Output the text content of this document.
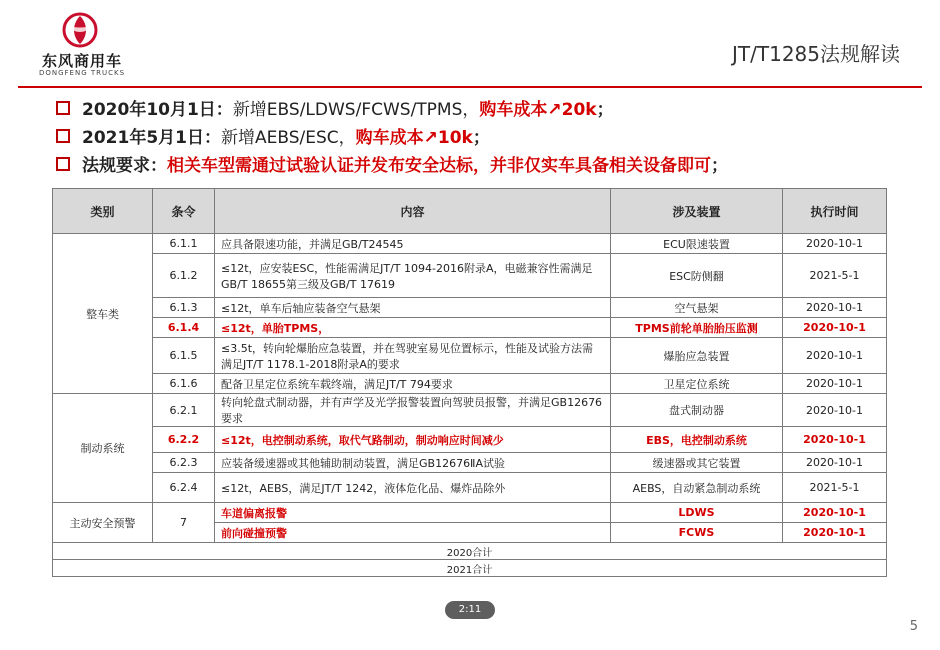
东风商用车
DONGFENG TRUCKS
JT/T1285法规解读
2020年10月1日：新增EBS/LDWS/FCWS/TPMS，购车成本↗20k；
2021年5月1日：新增AEBS/ESC，购车成本↗10k；
法规要求：相关车型需通过试验认证并发布安全达标，并非仅实车具备相关设备即可；
类别	条令	内容	涉及装置	执行时间
整车类	6.1.1	应具备限速功能，并满足GB/T24545	ECU限速装置	2020-10-1
	6.1.2	≤12t，应安装ESC，性能需满足JT/T 1094-2016附录A，电磁兼容性需满足GB/T 18655第三级及GB/T 17619	ESC防侧翻	2021-5-1
	6.1.3	≤12t，单车后轴应装备空气悬架	空气悬架	2020-10-1
	6.1.4	≤12t，单胎TPMS，	TPMS前轮单胎胎压监测	2020-10-1
	6.1.5	≤3.5t，转向轮爆胎应急装置，并在驾驶室易见位置标示，性能及试验方法需满足JT/T 1178.1-2018附录A的要求	爆胎应急装置	2020-10-1
	6.1.6	配备卫星定位系统车载终端，满足JT/T 794要求	卫星定位系统	2020-10-1
制动系统	6.2.1	转向轮盘式制动器，并有声学及光学报警装置向驾驶员报警，并满足GB12676要求	盘式制动器	2020-10-1
	6.2.2	≤12t，电控制动系统，取代气路制动，制动响应时间减少	EBS，电控制动系统	2020-10-1
	6.2.3	应装备缓速器或其他辅助制动装置，满足GB12676ⅡA试验	缓速器或其它装置	2020-10-1
	6.2.4	≤12t，AEBS，满足JT/T 1242，液体危化品、爆炸品除外	AEBS，自动紧急制动系统	2021-5-1
主动安全预警	7	车道偏离报警	LDWS	2020-10-1
		前向碰撞预警	FCWS	2020-10-1
2020合计				
2021合计				
2:11
5
